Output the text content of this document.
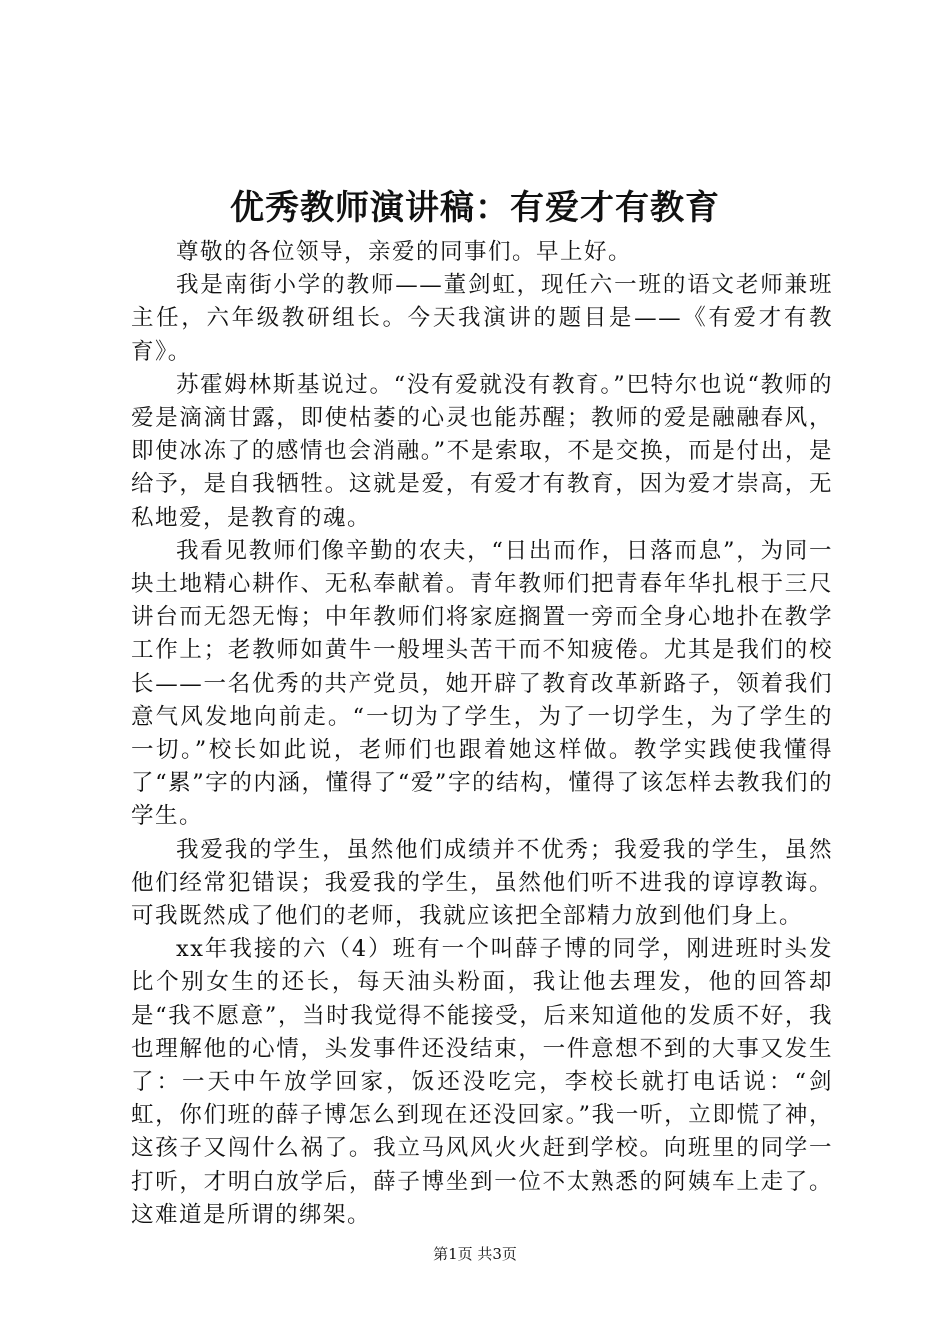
优秀教师演讲稿：有爱才有教育

尊敬的各位领导，亲爱的同事们。早上好。

我是南街小学的教师——董剑虹，现任六一班的语文老师兼班主任，六年级教研组长。今天我演讲的题目是——《有爱才有教育》。

苏霍姆林斯基说过。“没有爱就没有教育。”巴特尔也说“教师的爱是滴滴甘露，即使枯萎的心灵也能苏醒；教师的爱是融融春风，即使冰冻了的感情也会消融。”不是索取，不是交换，而是付出，是给予，是自我牺牲。这就是爱，有爱才有教育，因为爱才崇高，无私地爱，是教育的魂。

我看见教师们像辛勤的农夫，“日出而作，日落而息”，为同一块土地精心耕作、无私奉献着。青年教师们把青春年华扎根于三尺讲台而无怨无悔；中年教师们将家庭搁置一旁而全身心地扑在教学工作上；老教师如黄牛一般埋头苦干而不知疲倦。尤其是我们的校长——一名优秀的共产党员，她开辟了教育改革新路子，领着我们意气风发地向前走。“一切为了学生，为了一切学生，为了学生的一切。”校长如此说，老师们也跟着她这样做。教学实践使我懂得了“累”字的内涵，懂得了“爱”字的结构，懂得了该怎样去教我们的学生。

我爱我的学生，虽然他们成绩并不优秀；我爱我的学生，虽然他们经常犯错误；我爱我的学生，虽然他们听不进我的谆谆教诲。可我既然成了他们的老师，我就应该把全部精力放到他们身上。

xx年我接的六（4）班有一个叫薛子博的同学，刚进班时头发比个别女生的还长，每天油头粉面，我让他去理发，他的回答却是“我不愿意”，当时我觉得不能接受，后来知道他的发质不好，我也理解他的心情，头发事件还没结束，一件意想不到的大事又发生了：一天中午放学回家，饭还没吃完，李校长就打电话说：“剑虹，你们班的薛子博怎么到现在还没回家。”我一听，立即慌了神，这孩子又闯什么祸了。我立马风风火火赶到学校。向班里的同学一打听，才明白放学后，薛子博坐到一位不太熟悉的阿姨车上走了。这难道是所谓的绑架。

第1页 共3页
